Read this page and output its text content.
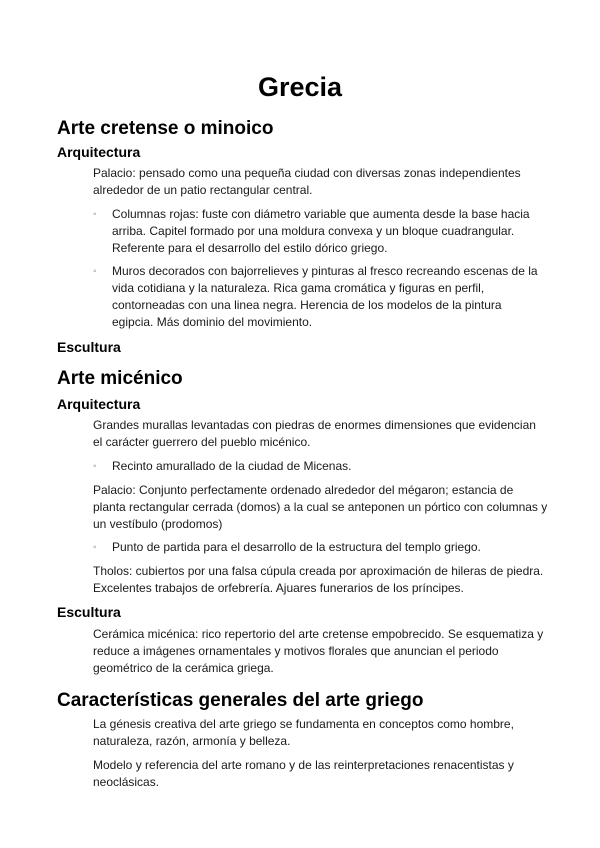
Grecia
Arte cretense o minoico
Arquitectura

Palacio: pensado como una pequeña ciudad con diversas zonas independientes alrededor de un patio rectangular central.

◦	Columnas rojas: fuste con diámetro variable que aumenta desde la base hacia arriba. Capitel formado por una moldura convexa y un bloque cuadrangular. Referente para el desarrollo del estilo dórico griego.
◦	Muros decorados con bajorrelieves y pinturas al fresco recreando escenas de la vida cotidiana y la naturaleza. Rica gama cromática y figuras en perfil, contorneadas con una linea negra. Herencia de los modelos de la pintura egipcia. Más dominio del movimiento.
Escultura
Arte micénico
Arquitectura

Grandes murallas levantadas con piedras de enormes dimensiones que evidencian el carácter guerrero del pueblo micénico.

◦	Recinto amurallado de la ciudad de Micenas.

Palacio: Conjunto perfectamente ordenado alrededor del mégaron; estancia de planta rectangular cerrada (domos) a la cual se anteponen un pórtico con columnas y un vestíbulo (prodomos)

◦	Punto de partida para el desarrollo de la estructura del templo griego.

Tholos: cubiertos por una falsa cúpula creada por aproximación de hileras de piedra. Excelentes trabajos de orfebrería. Ajuares funerarios de los príncipes.

Escultura

Cerámica micénica: rico repertorio del arte cretense empobrecido. Se esquematiza y reduce a imágenes ornamentales y motivos florales que anuncian el periodo geométrico de la cerámica griega.

Características generales del arte griego

La génesis creativa del arte griego se fundamenta en conceptos como hombre, naturaleza, razón, armonía y belleza.

Modelo y referencia del arte romano y de las reinterpretaciones renacentistas y neoclásicas.
